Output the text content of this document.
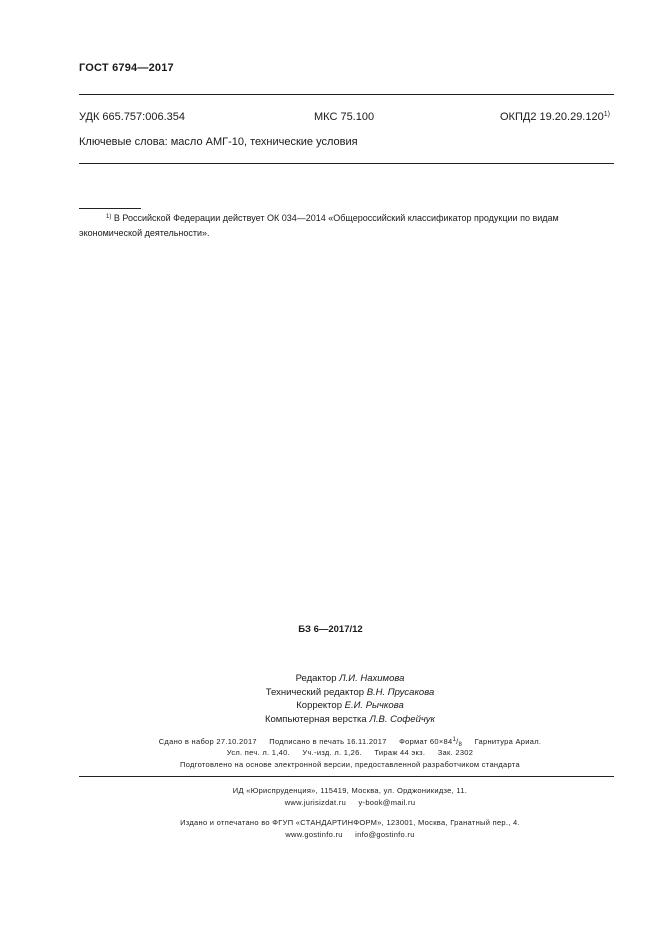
ГОСТ 6794—2017
УДК 665.757:006.354	МКС 75.100	ОКПД2 19.20.29.120$^{1)}$
Ключевые слова: масло АМГ-10, технические условия
$^{1)}$ В Российской Федерации действует ОК 034—2014 «Общероссийский классификатор продукции по видам экономической деятельности».
БЗ 6—2017/12
Редактор Л.И. Нахимова
Технический редактор В.Н. Прусакова
Корректор Е.И. Рычкова
Компьютерная верстка Л.В. Софейчук
Сдано в набор 27.10.2017 Подписано в печать 16.11.2017 Формат $60\times 84^1/_8$ Гарнитура Ариал.
Усл. печ. л. 1,40. Уч.-изд. л. 1,26. Тираж 44 экз. Зак. 2302
Подготовлено на основе электронной версии, предоставленной разработчиком стандарта
ИД «Юриспруденция», 115419, Москва, ул. Орджоникидзе, 11.
www.jurisizdat.ru y-book@mail.ru
Издано и отпечатано во ФГУП «СТАНДАРТИНФОРМ», 123001, Москва, Гранатный пер., 4.
www.gostinfo.ru info@gostinfo.ru
